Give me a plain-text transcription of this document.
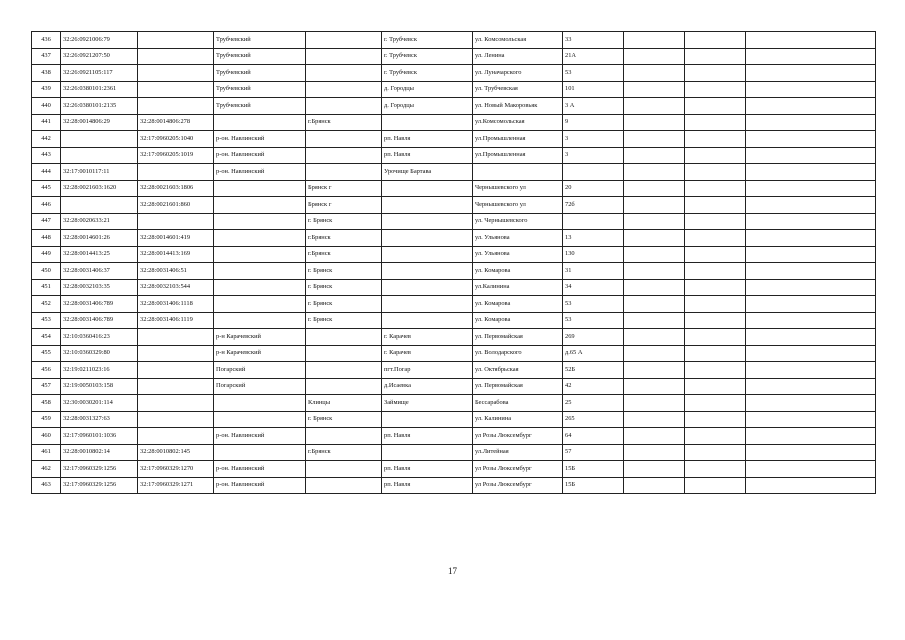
436	32:26:0921006:79		Трубчевский		г. Трубчевск	ул. Комсомольская	33			
437	32:26:0921207:50		Трубчевский		г. Трубчевск	ул. Ленина	21А			
438	32:26:0921105:117		Трубчевский		г. Трубчевск	ул. Луначарского	53			
439	32:26:0380101:2361		Трубчевский		д. Городцы	ул. Трубчевская	101			
440	32:26:0380101:2135		Трубчевский		д. Городцы	ул. Новый Макоровьяк	3 А			
441	32:28:0014806:29	32:28:0014806:278		г.Брянск		ул.Комсомольская	9			
442		32:17:0960205:1040	р-он. Навлинский		рп. Навля	ул.Промышленная	3			
443		32:17:0960205:1019	р-он. Навлинский		рп. Навля	ул.Промышленная	3			
444	32:17:0010117:11		р-он. Навлинский		Урочище Бартава					
445	32:28:0021603:1620	32:28:0021603:1806		Брянск г		Чернышевского ул	20			
446		32:28:0021601:860		Брянск г		Чернышевского ул	72б			
447	32:28:0020633:21			г. Брянск		ул. Чернышевского				
448	32:28:0014601:26	32:28:0014601:419		г.Брянск		ул. Ульянова	13			
449	32:28:0014413:25	32:28:0014413:169		г.Брянск		ул. Ульянова	130			
450	32:28:0031406:37	32:28:0031406:51		г. Брянск		ул. Комарова	31			
451	32:28:0032103:35	32:28:0032103:544		г. Брянск		ул.Калинина	34			
452	32:28:0031406:789	32:28:0031406:1118		г. Брянск		ул. Комарова	53			
453	32:28:0031406:789	32:28:0031406:1119		г. Брянск		ул. Комарова	53			
454	32:10:0360416:23		р-н Карачевский		г. Карачев	ул. Первомайская	269			
455	32:10:0360329:80		р-н Карачевский		г. Карачев	ул. Володарского	д.65 А			
456	32:19:0211023:16		Погарский		пгт.Погар	ул. Октябрьская	52Б			
457	32:19:0050103:158		Погарский		д.Исаевка	ул. Первомайская	42			
458	32:30:0030201:114			Клинцы	Займище	Бессарабова	25			
459	32:28:0031327:63			г. Брянск		ул. Калинина	265			
460	32:17:0960101:1036		р-он. Навлинский		рп. Навля	ул Розы Люксембург	64			
461	32:28:0010802:14	32:28:0010802:145		г.Брянск		ул.Литейная	57			
462	32:17:0960329:1256	32:17:0960329:1270	р-он. Навлинский		рп. Навля	ул Розы Люксембург	15Б			
463	32:17:0960329:1256	32:17:0960329:1271	р-он. Навлинский		рп. Навля	ул Розы Люксембург	15Б			
17
